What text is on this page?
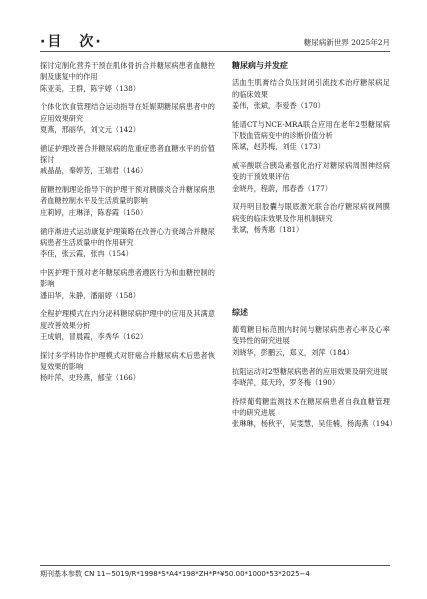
·目　次·	糖尿病新世界 2025年2月
探讨定制化营养干预在肌体骨折合并糖尿病患者血糖控制及康复中的作用
陈亚美，王群，陈宇婷（138）
个体化饮食管理结合运动指导在妊娠期糖尿病患者中的应用效果研究
夏燕，邢丽华，刘文元（142）
循证护理改善合并糖尿病的危重症患者血糖水平的价值探讨
戚晶晶，秦婷芳，王瑞君（146）
留糖控制理论指导下的护理干预对胰腺炎合并糖尿病患者血糖控制水平及生活质量的影响
庄莉婷，庄琳泽，陈春霞（150）
循序渐进式运动康复护理策略在改善心力衰竭合并糖尿病患者生活质量中的作用研究
李佳，张云霞，张冉（154）
中医护理干预对老年糖尿病患者遵医行为和血糖控制的影响
潘田华，朱静，潘丽婷（158）
全程护理模式在内分泌科糖尿病护理中的应用及其满意度改善效果分析
王成娟，冒晨霞，李秀华（162）
探讨多学科协作护理模式对肝癌合并糖尿病术后患者恢复效果的影响
杨叶萍，史玲燕，郁莹（166）
糖尿病与并发症
活血生肌膏结合负压封闭引流技术治疗糖尿病足的临床效果
姜伟，张斌，李爱香（170）
能谱CT与NCE-MRA联合应用在老年2型糖尿病下肢血管病变中的诊断价值分析
陈斌，赵苏梅，刘佳（173）
威辛酸联合胰岛素强化治疗对糖尿病周围神经病变的干预效果评估
金晓丹，程蔚，邢春香（177）
双丹明目胶囊与眼底激光联合治疗糖尿病视网膜病变的临床效果及作用机制研究
张斌，杨秀惠（181）
综述
葡萄糖目标范围内时间与糖尿病患者心率及心率变异性的研究进展
刘晓华，彭鹏云，郑义，刘萍（184）
抗阻运动对2型糖尿病患者的应用效果及研究进展
李晓萍，郑天玲，罗冬梅（190）
持续葡萄糖监测技术在糖尿病患者自我血糖管理中的研究进展
张琳琳，杨秋平，吴雯慧，吴佳楠，杨海燕（194）
期刊基本参数 CN 11−5019/R*1998*S*A4*198*ZH*P*¥50.00*1000*53*2025−4
